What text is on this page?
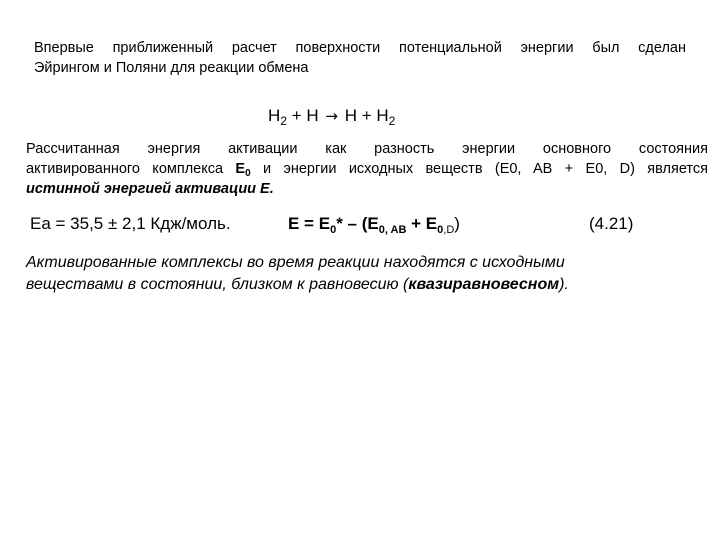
Впервые приближенный расчет поверхности потенциальной энергии был сделан
Эйрингом и Поляни для реакции обмена
$H_2 + H \to H + H_2$
Рассчитанная энергия активации как разность энергии основного состояния
активированного комплекса $E_0$ и энергии исходных веществ (E0, AB + E0, D) является
истинной энергией активации E.
Ea = 35,5 ± 2,1 Кдж/моль.	$E = E_0* - (E_{0, AB} + E_{0,D})$	(4.21)
Активированные комплексы во время реакции находятся с исходными
веществами в состоянии, близком к равновесию (квазиравновесном).
